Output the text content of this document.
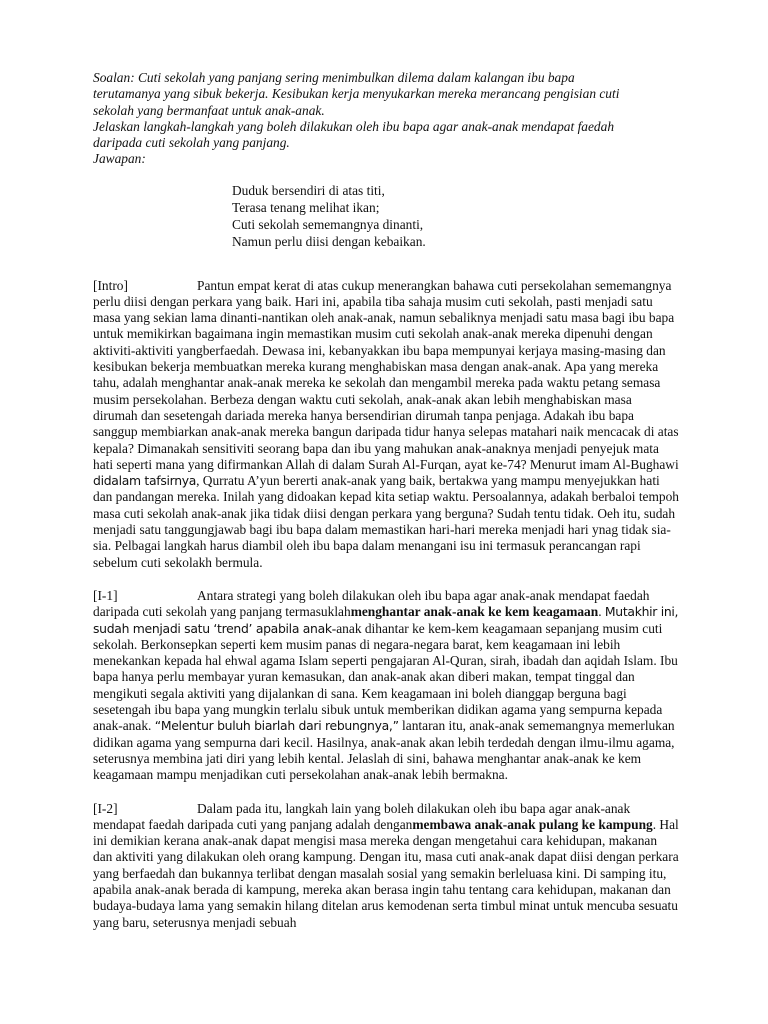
Soalan: Cuti sekolah yang panjang sering menimbulkan dilema dalam kalangan ibu bapa

terutamanya yang sibuk bekerja. Kesibukan kerja menyukarkan mereka merancang pengisian cuti

sekolah yang bermanfaat untuk anak-anak.

Jelaskan langkah-langkah yang boleh dilakukan oleh ibu bapa agar anak-anak mendapat faedah

daripada cuti sekolah yang panjang.

Jawapan:

Duduk bersendiri di atas titi,
Terasa tenang melihat ikan;
Cuti sekolah sememangnya dinanti,
Namun perlu diisi dengan kebaikan.

[Intro]	Pantun empat kerat di atas cukup menerangkan bahawa cuti persekolahan sememangnya perlu diisi dengan perkara yang baik. Hari ini, apabila tiba sahaja musim cuti sekolah, pasti menjadi satu masa yang sekian lama dinanti-nantikan oleh anak-anak, namun sebaliknya menjadi satu masa bagi ibu bapa untuk memikirkan bagaimana ingin memastikan musim cuti sekolah anak-anak mereka dipenuhi dengan aktiviti-aktiviti yangberfaedah. Dewasa ini, kebanyakkan ibu bapa mempunyai kerjaya masing-masing dan kesibukan bekerja membuatkan mereka kurang menghabiskan masa dengan anak-anak. Apa yang mereka tahu, adalah menghantar anak-anak mereka ke sekolah dan mengambil mereka pada waktu petang semasa musim persekolahan. Berbeza dengan waktu cuti sekolah, anak-anak akan lebih menghabiskan masa dirumah dan sesetengah dariada mereka hanya bersendirian dirumah tanpa penjaga. Adakah ibu bapa sanggup membiarkan anak-anak mereka bangun daripada tidur hanya selepas matahari naik mencacak di atas kepala? Dimanakah sensitiviti seorang bapa dan ibu yang mahukan anak-anaknya menjadi penyejuk mata hati seperti mana yang difirmankan Allah di dalam Surah Al-Furqan, ayat ke-74? Menurut imam Al-Bughawi didalam tafsirnya, Qurratu A’yun bererti anak-anak yang baik, bertakwa yang mampu menyejukkan hati dan pandangan mereka. Inilah yang didoakan kepad kita setiap waktu. Persoalannya, adakah berbaloi tempoh masa cuti sekolah anak-anak jika tidak diisi dengan perkara yang berguna? Sudah tentu tidak. Oeh itu, sudah menjadi satu tanggungjawab bagi ibu bapa dalam memastikan hari-hari mereka menjadi hari ynag tidak sia-sia. Pelbagai langkah harus diambil oleh ibu bapa dalam menangani isu ini termasuk perancangan rapi sebelum cuti sekolakh bermula.

[I-1]	Antara strategi yang boleh dilakukan oleh ibu bapa agar anak-anak mendapat faedah daripada cuti sekolah yang panjang termasuklahmenghantar anak-anak ke kem keagamaan. Mutakhir ini, sudah menjadi satu ‘trend’ apabila anak-anak dihantar ke kem-kem keagamaan sepanjang musim cuti sekolah. Berkonsepkan seperti kem musim panas di negara-negara barat, kem keagamaan ini lebih menekankan kepada hal ehwal agama Islam seperti pengajaran Al-Quran, sirah, ibadah dan aqidah Islam. Ibu bapa hanya perlu membayar yuran kemasukan, dan anak-anak akan diberi makan, tempat tinggal dan mengikuti segala aktiviti yang dijalankan di sana. Kem keagamaan ini boleh dianggap berguna bagi sesetengah ibu bapa yang mungkin terlalu sibuk untuk memberikan didikan agama yang sempurna kepada anak-anak. “Melentur buluh biarlah dari rebungnya,” lantaran itu, anak-anak sememangnya memerlukan didikan agama yang sempurna dari kecil. Hasilnya, anak-anak akan lebih terdedah dengan ilmu-ilmu agama, seterusnya membina jati diri yang lebih kental. Jelaslah di sini, bahawa menghantar anak-anak ke kem keagamaan mampu menjadikan cuti persekolahan anak-anak lebih bermakna.

[I-2]	Dalam pada itu, langkah lain yang boleh dilakukan oleh ibu bapa agar anak-anak mendapat faedah daripada cuti yang panjang adalah denganmembawa anak-anak pulang ke kampung. Hal ini demikian kerana anak-anak dapat mengisi masa mereka dengan mengetahui cara kehidupan, makanan dan aktiviti yang dilakukan oleh orang kampung. Dengan itu, masa cuti anak-anak dapat diisi dengan perkara yang berfaedah dan bukannya terlibat dengan masalah sosial yang semakin berleluasa kini. Di samping itu, apabila anak-anak berada di kampung, mereka akan berasa ingin tahu tentang cara kehidupan, makanan dan budaya-budaya lama yang semakin hilang ditelan arus kemodenan serta timbul minat untuk mencuba sesuatu yang baru, seterusnya menjadi sebuah
